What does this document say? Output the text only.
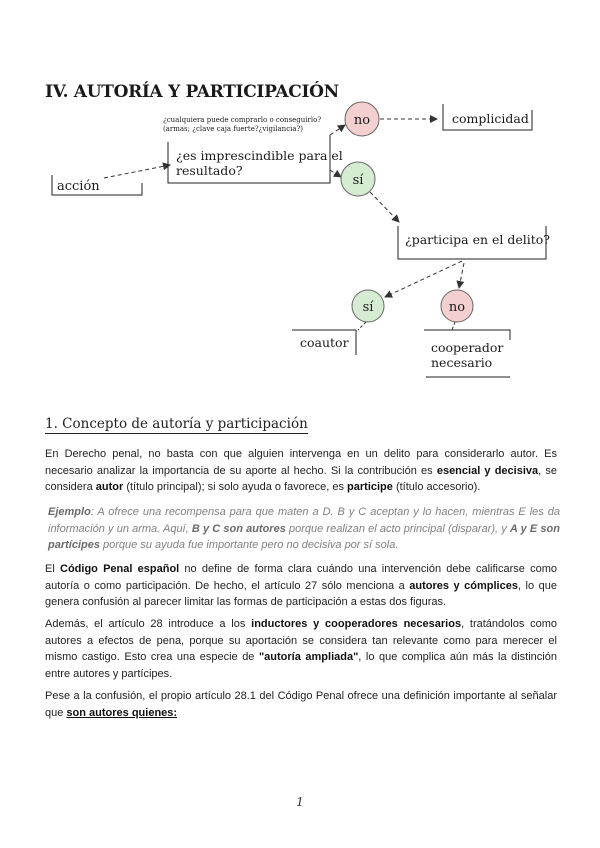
IV. AUTORÍA Y PARTICIPACIÓN
acción
¿es imprescindible para el
resultado?
¿cualquiera puede comprarlo o conseguirlo?
(armas; ¿clave caja fuerte?¿vigilancia?)
no
sí
complicidad
¿participa en el delito?
sí	no
coautor	cooperador
necesario
1. Concepto de autoría y participación

En Derecho penal, no basta con que alguien intervenga en un delito para considerarlo autor. Es necesario analizar la importancia de su aporte al hecho. Si la contribución es esencial y decisiva, se considera autor (título principal); si solo ayuda o favorece, es participe (título accesorio).

Ejemplo: A ofrece una recompensa para que maten a D. B y C aceptan y lo hacen, mientras E les da información y un arma. Aquí, B y C son autores porque realizan el acto principal (disparar), y A y E son partícipes porque su ayuda fue importante pero no decisiva por sí sola.

El Código Penal español no define de forma clara cuándo una intervención debe calificarse como autoría o como participación. De hecho, el artículo 27 sólo menciona a autores y cómplices, lo que genera confusión al parecer limitar las formas de participación a estas dos figuras.

Además, el artículo 28 introduce a los inductores y cooperadores necesarios, tratándolos como autores a efectos de pena, porque su aportación se considera tan relevante como para merecer el mismo castigo. Esto crea una especie de "autoría ampliada", lo que complica aún más la distinción entre autores y partícipes.

Pese a la confusión, el propio artículo 28.1 del Código Penal ofrece una definición importante al señalar que son autores quienes:

1
